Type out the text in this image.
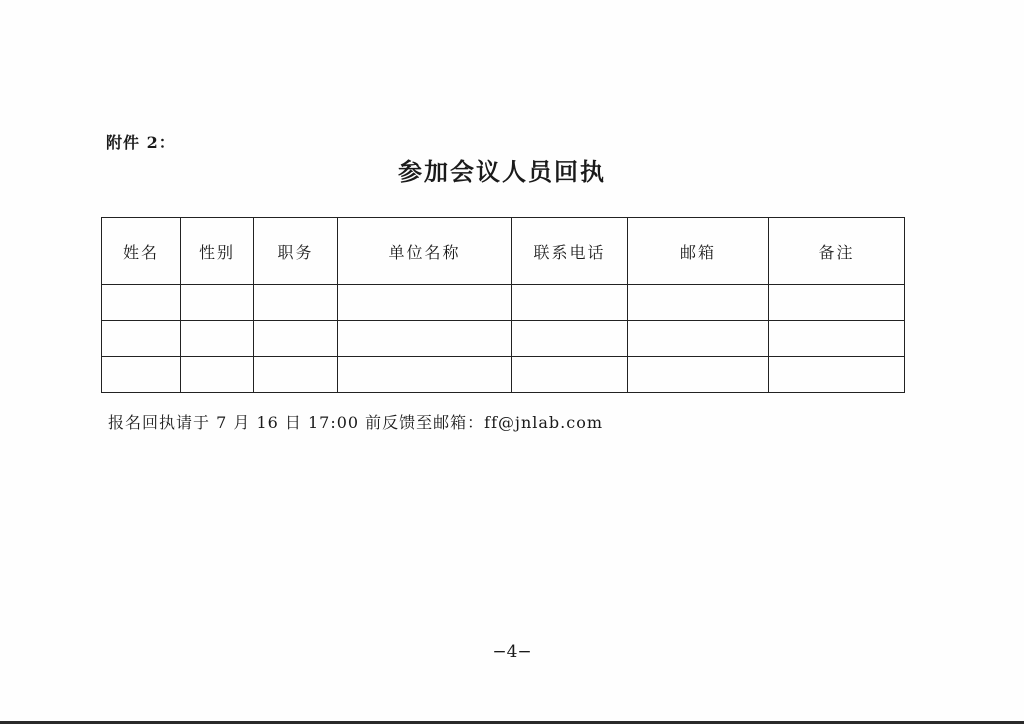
附件 2：
参加会议人员回执
姓名	性别	职务	单位名称	联系电话	邮箱	备注

报名回执请于 7 月 16 日 17:00 前反馈至邮箱：ff@jnlab.com
−4−
